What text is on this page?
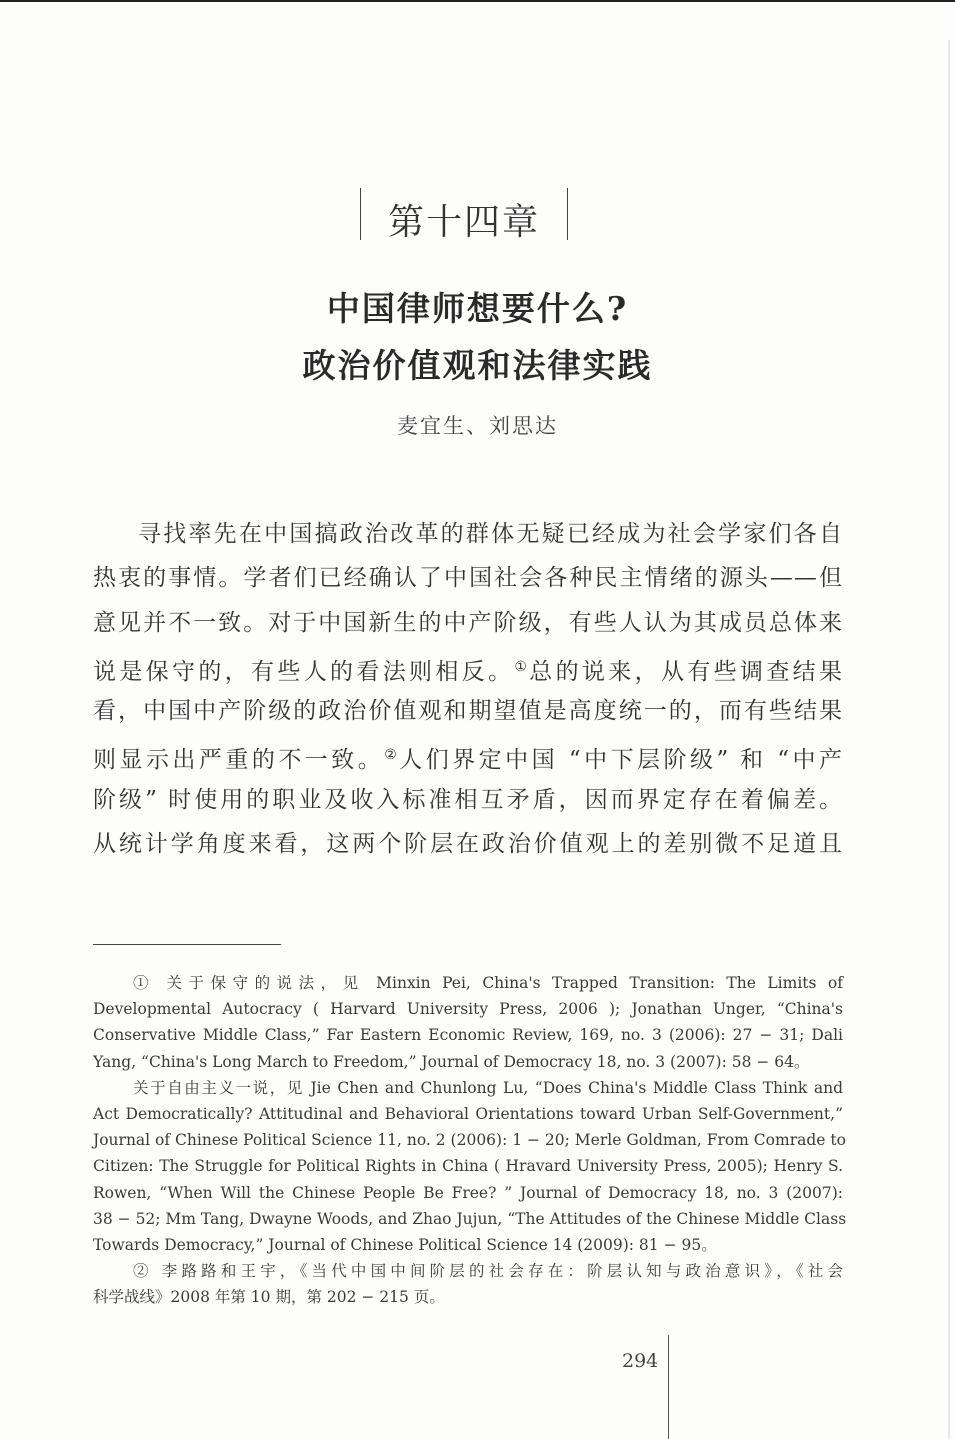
第十四章
中国律师想要什么?
政治价值观和法律实践
麦宜生、刘思达
寻找率先在中国搞政治改革的群体无疑已经成为社会学家们各自
热衷的事情。学者们已经确认了中国社会各种民主情绪的源头——但
意见并不一致。对于中国新生的中产阶级，有些人认为其成员总体来
说是保守的，有些人的看法则相反。①总的说来，从有些调查结果
看，中国中产阶级的政治价值观和期望值是高度统一的，而有些结果
则显示出严重的不一致。②人们界定中国 “中下层阶级” 和 “中产
阶级” 时使用的职业及收入标准相互矛盾，因而界定存在着偏差。
从统计学角度来看，这两个阶层在政治价值观上的差别微不足道且
① 关于保守的说法，见 Minxin Pei, China's Trapped Transition: The Limits of
Developmental Autocracy ( Harvard University Press, 2006 ); Jonathan Unger, “China's
Conservative Middle Class,” Far Eastern Economic Review, 169, no. 3 (2006): 27 − 31; Dali
Yang, “China's Long March to Freedom,” Journal of Democracy 18, no. 3 (2007): 58 − 64。
关于自由主义一说，见 Jie Chen and Chunlong Lu, “Does China's Middle Class Think and
Act Democratically? Attitudinal and Behavioral Orientations toward Urban Self-Government,”
Journal of Chinese Political Science 11, no. 2 (2006): 1 − 20; Merle Goldman, From Comrade to
Citizen: The Struggle for Political Rights in China ( Hravard University Press, 2005); Henry S.
Rowen, “When Will the Chinese People Be Free? ” Journal of Democracy 18, no. 3 (2007):
38 − 52; Mm Tang, Dwayne Woods, and Zhao Jujun, “The Attitudes of the Chinese Middle Class
Towards Democracy,” Journal of Chinese Political Science 14 (2009): 81 − 95。
② 李路路和王宇，《当代中国中间阶层的社会存在：阶层认知与政治意识》，《社会
科学战线》2008 年第 10 期，第 202 − 215 页。
294
